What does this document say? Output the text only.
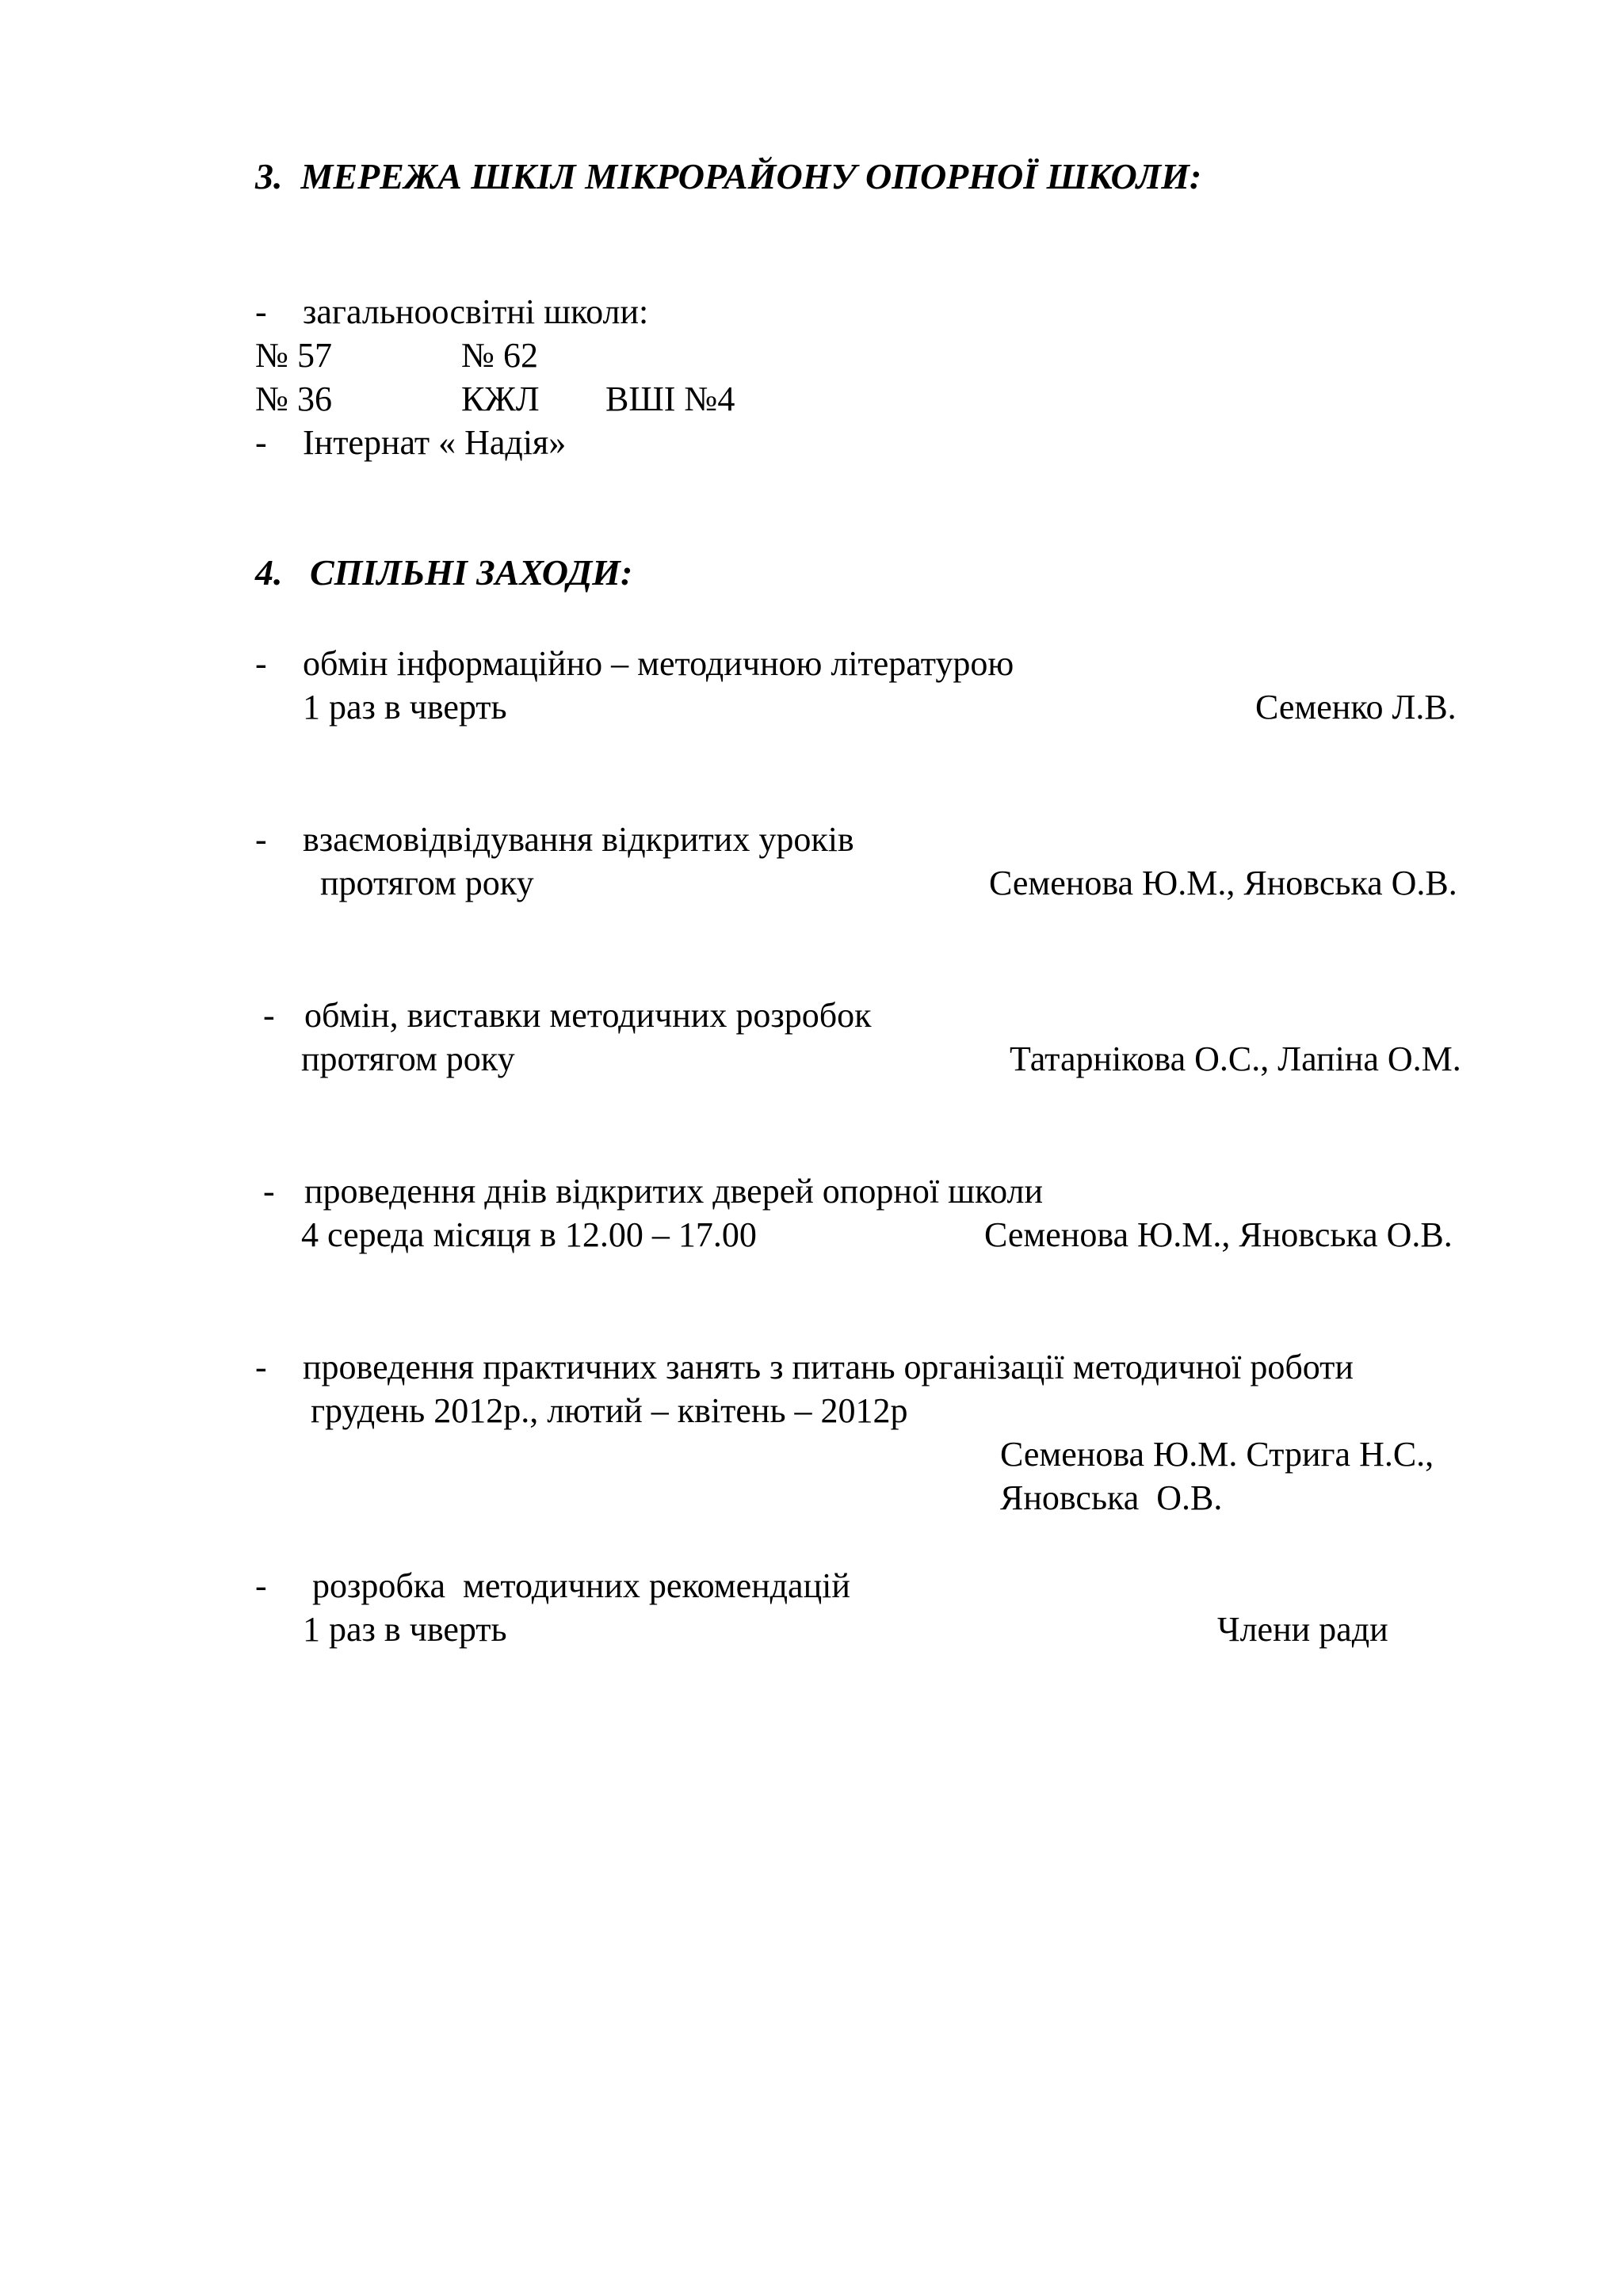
3.  МЕРЕЖА ШКІЛ МІКРОРАЙОНУ ОПОРНОЇ ШКОЛИ:
- загальноосвітні школи:
№ 57	№ 62
№ 36	КЖЛ ВШІ №4
- Інтернат « Надія»
4.   СПІЛЬНІ ЗАХОДИ:
- обмін інформаційно – методичною літературою
1 раз в чверть	Семенко Л.В.
- взаємовідвідування відкритих уроків
протягом року	Семенова Ю.М., Яновська О.В.
- обмін, виставки методичних розробок
протягом року	Татарнікова О.С., Лапіна О.М.
- проведення днів відкритих дверей опорної школи
4 середа місяця в 12.00 – 17.00	Семенова Ю.М., Яновська О.В.
- проведення практичних занять з питань організації методичної роботи
грудень 2012р., лютий – квітень – 2012р
Семенова Ю.М. Стрига Н.С.,
Яновська  О.В.
- розробка  методичних рекомендацій
1 раз в чверть	Члени ради
